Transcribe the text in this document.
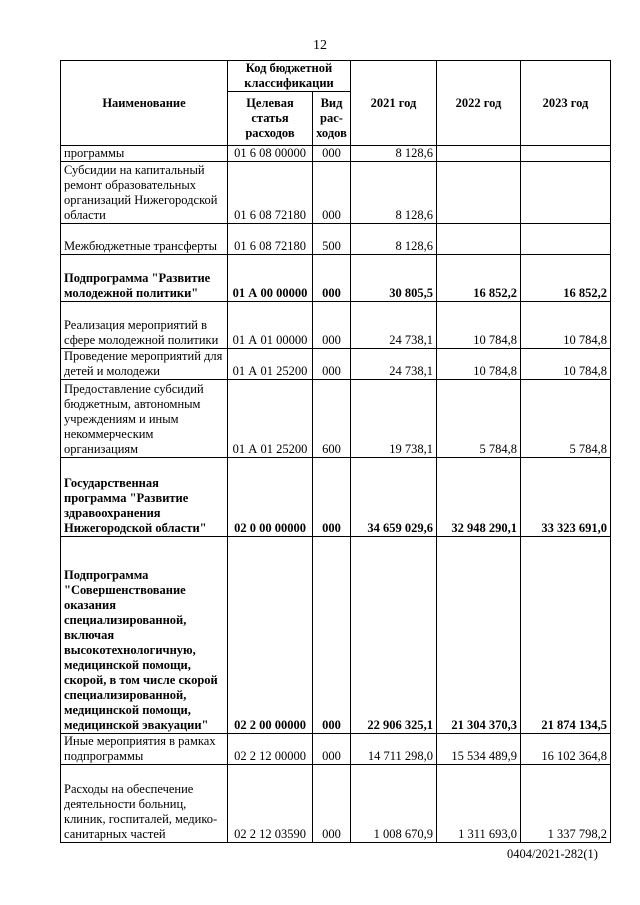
12
Наименование	Код бюджетной классификации		2021 год	2022 год	2023 год
	Целевая статья расходов	Вид рас-ходов			
программы	01 6 08 00000	000	8 128,6		
Субсидии на капитальный ремонт образовательных организаций Нижегородской области	01 6 08 72180	000	8 128,6		
Межбюджетные трансферты	01 6 08 72180	500	8 128,6		
Подпрограмма "Развитие молодежной политики"	01 А 00 00000	000	30 805,5	16 852,2	16 852,2
Реализация мероприятий в сфере молодежной политики	01 А 01 00000	000	24 738,1	10 784,8	10 784,8
Проведение мероприятий для детей и молодежи	01 А 01 25200	000	24 738,1	10 784,8	10 784,8
Предоставление субсидий бюджетным, автономным учреждениям и иным некоммерческим организациям	01 А 01 25200	600	19 738,1	5 784,8	5 784,8
Государственная программа "Развитие здравоохранения Нижегородской области"	02 0 00 00000	000	34 659 029,6	32 948 290,1	33 323 691,0
Подпрограмма "Совершенствование оказания специализированной, включая высокотехнологичную, медицинской помощи, скорой, в том числе скорой специализированной, медицинской помощи, медицинской эвакуации"	02 2 00 00000	000	22 906 325,1	21 304 370,3	21 874 134,5
Иные мероприятия в рамках подпрограммы	02 2 12 00000	000	14 711 298,0	15 534 489,9	16 102 364,8
Расходы на обеспечение деятельности больниц, клиник, госпиталей, медико-санитарных частей	02 2 12 03590	000	1 008 670,9	1 311 693,0	1 337 798,2
0404/2021-282(1)
